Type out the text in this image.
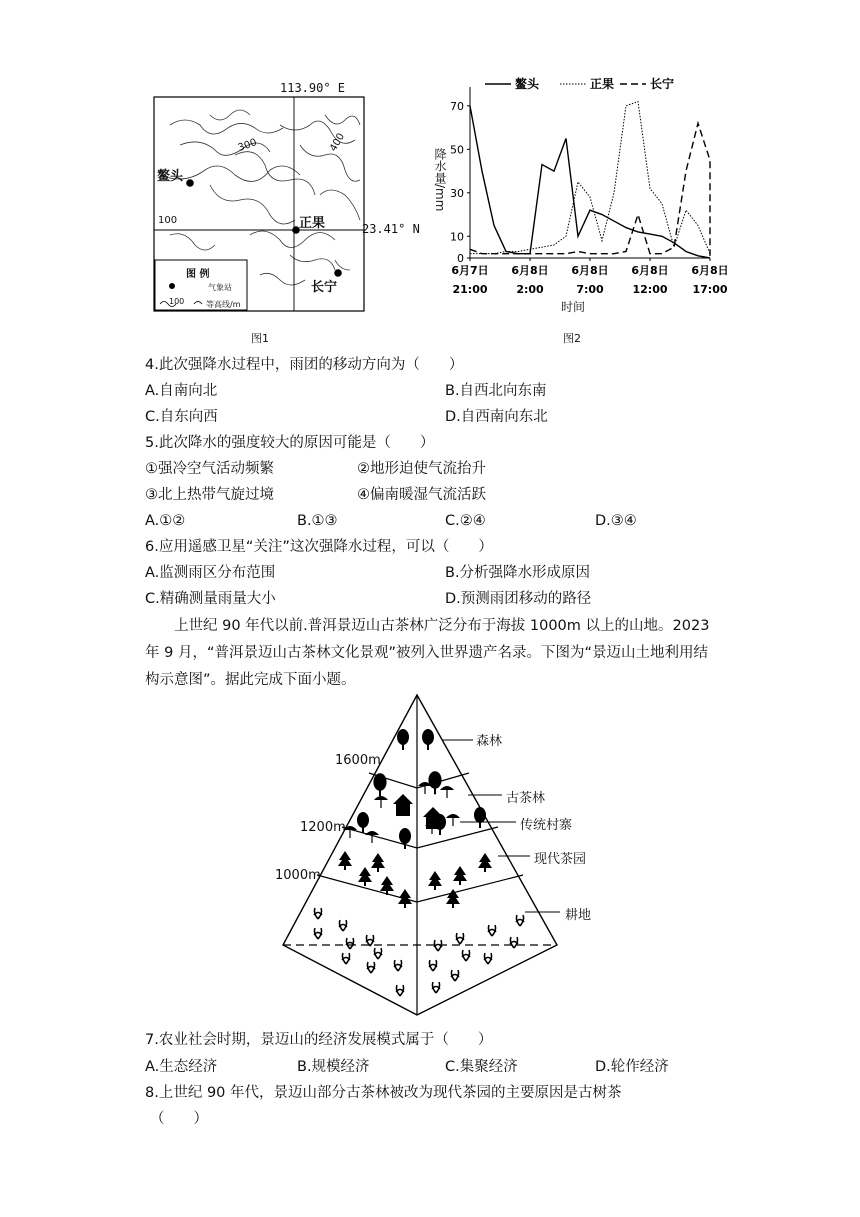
113.90° E
23.41° N
300	400
100
鳌头
正果
长宁
图 例
气象站
100	等高线/m
图1
0
10
30
50
70
6月7日
21:00
6月8日
2:00
6月8日
7:00
6月8日
12:00
6月8日
17:00
鳌头	正果	长宁
降水量/mm
时间
图2
4.此次强降水过程中，雨团的移动方向为（　　）
A.自南向北	B.自西北向东南
C.自东向西	D.自西南向东北
5.此次降水的强度较大的原因可能是（　　）
①强冷空气活动频繁	②地形迫使气流抬升
③北上热带气旋过境	④偏南暖湿气流活跃
A.①②	B.①③	C.②④	D.③④
6.应用遥感卫星“关注”这次强降水过程，可以（　　）
A.监测雨区分布范围	B.分析强降水形成原因
C.精确测量雨量大小	D.预测雨团移动的路径
上世纪 90 年代以前.普洱景迈山古茶林广泛分布于海拔 1000m 以上的山地。2023 年 9 月，“普洱景迈山古茶林文化景观”被列入世界遗产名录。下图为“景迈山土地利用结构示意图”。据此完成下面小题。
1600m
1200m
1000m
森林
古茶林
传统村寨
现代茶园
耕地
7.农业社会时期，景迈山的经济发展模式属于（　　）
A.生态经济	B.规模经济	C.集聚经济	D.轮作经济
8.上世纪 90 年代，景迈山部分古茶林被改为现代茶园的主要原因是古树茶
（　　）
